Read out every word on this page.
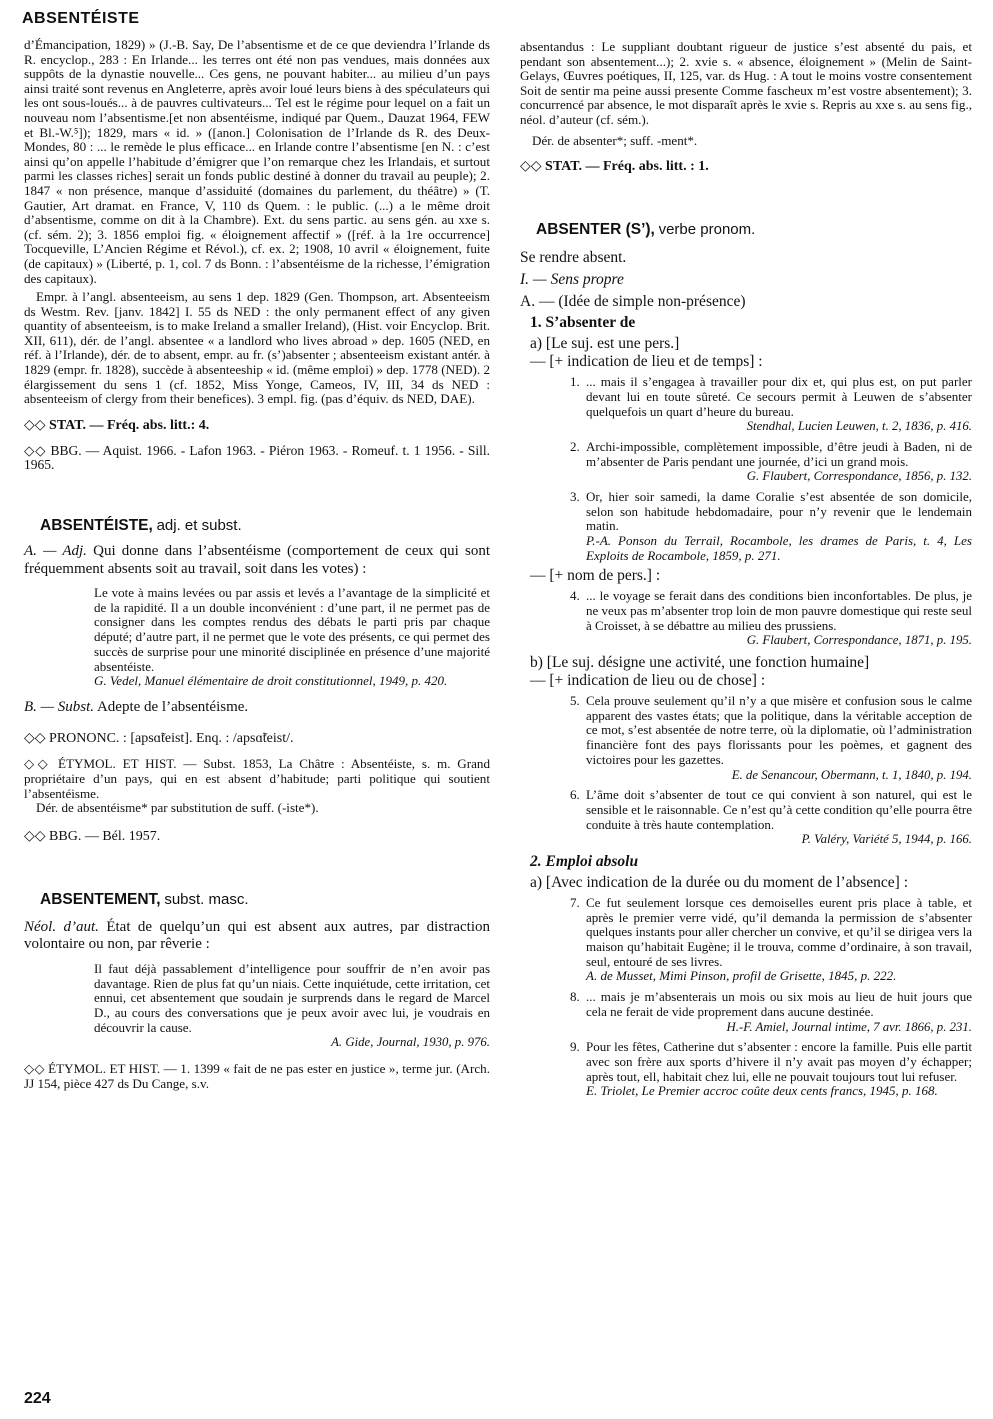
ABSENTÉISTE

d’Émancipation, 1829) » (J.-B. Say, De l’absentisme et de ce que deviendra l’Irlande ds R. encyclop., 283 : En Irlande... les terres ont été non pas vendues, mais données aux suppôts de la dynastie nouvelle... Ces gens, ne pouvant habiter... au milieu d’un pays ainsi traité sont revenus en Angleterre, après avoir loué leurs biens à des spéculateurs qui les ont sous-loués... à de pauvres cultivateurs... Tel est le régime pour lequel on a fait un nouveau nom l’absentisme.[et non absentéisme, indiqué par Quem., Dauzat 1964, FEW et Bl.-W.⁵]); 1829, mars « id. » ([anon.] Colonisation de l’Irlande ds R. des Deux-Mondes, 80 : ... le remède le plus efficace... en Irlande contre l’absentisme [en N. : c’est ainsi qu’on appelle l’habitude d’émigrer que l’on remarque chez les Irlandais, et surtout parmi les classes riches] serait un fonds public destiné à donner du travail au peuple); 2. 1847 « non présence, manque d’assiduité (domaines du parlement, du théâtre) » (T. Gautier, Art dramat. en France, V, 110 ds Quem. : le public. (...) a le même droit d’absentisme, comme on dit à la Chambre). Ext. du sens partic. au sens gén. au xxe s. (cf. sém. 2); 3. 1856 emploi fig. « éloignement affectif » ([réf. à la 1re occurrence] Tocqueville, L’Ancien Régime et Révol.), cf. ex. 2; 1908, 10 avril « éloignement, fuite (de capitaux) » (Liberté, p. 1, col. 7 ds Bonn. : l’absentéisme de la richesse, l’émigration des capitaux).

Empr. à l’angl. absenteeism, au sens 1 dep. 1829 (Gen. Thompson, art. Absenteeism ds Westm. Rev. [janv. 1842] I. 55 ds NED : the only permanent effect of any given quantity of absenteeism, is to make Ireland a smaller Ireland), (Hist. voir Encyclop. Brit. XII, 611), dér. de l’angl. absentee « a landlord who lives abroad » dep. 1605 (NED, en réf. à l’Irlande), dér. de to absent, empr. au fr. (s’)absenter ; absenteeism existant antér. à 1829 (empr. fr. 1828), succède à absenteeship « id. (même emploi) » dep. 1778 (NED). 2 élargissement du sens 1 (cf. 1852, Miss Yonge, Cameos, IV, III, 34 ds NED : absenteeism of clergy from their benefices). 3 empl. fig. (pas d’équiv. ds NED, DAE).

◇◇ STAT. — Fréq. abs. litt.: 4.

◇◇ BBG. — Aquist. 1966. - Lafon 1963. - Piéron 1963. - Romeuf. t. 1 1956. - Sill. 1965.

ABSENTÉISTE, adj. et subst.

A. — Adj. Qui donne dans l’absentéisme (comportement de ceux qui sont fréquemment absents soit au travail, soit dans les votes) :

Le vote à mains levées ou par assis et levés a l’avantage de la simplicité et de la rapidité. Il a un double inconvénient : d’une part, il ne permet pas de consigner dans les comptes rendus des débats le parti pris par chaque député; d’autre part, il ne permet que le vote des présents, ce qui permet des succès de surprise pour une minorité disciplinée en présence d’une majorité absentéiste.

G. Vedel, Manuel élémentaire de droit constitutionnel, 1949, p. 420.

B. — Subst. Adepte de l’absentéisme.

◇◇ PRONONC. : [apsɑ̃teist]. Enq. : /apsɑ̃teist/.

◇◇ ÉTYMOL. ET HIST. — Subst. 1853, La Châtre : Absentéiste, s. m. Grand propriétaire d’un pays, qui en est absent d’habitude; parti politique qui soutient l’absentéisme.

Dér. de absentéisme* par substitution de suff. (-iste*).

◇◇ BBG. — Bél. 1957.

ABSENTEMENT, subst. masc.

Néol. d’aut. État de quelqu’un qui est absent aux autres, par distraction volontaire ou non, par rêverie :

Il faut déjà passablement d’intelligence pour souffrir de n’en avoir pas davantage. Rien de plus fat qu’un niais. Cette inquiétude, cette irritation, cet ennui, cet absentement que soudain je surprends dans le regard de Marcel D., au cours des conversations que je peux avoir avec lui, je voudrais en découvrir la cause.

A. Gide, Journal, 1930, p. 976.

◇◇ ÉTYMOL. ET HIST. — 1. 1399 « fait de ne pas ester en justice », terme jur. (Arch. JJ 154, pièce 427 ds Du Cange, s.v.

absentandus : Le suppliant doubtant rigueur de justice s’est absenté du pais, et pendant son absentement...); 2. xvie s. « absence, éloignement » (Melin de Saint-Gelays, Œuvres poétiques, II, 125, var. ds Hug. : A tout le moins vostre consentement Soit de sentir ma peine aussi presente Comme fascheux m’est vostre absentement); 3. concurrencé par absence, le mot disparaît après le xvie s. Repris au xxe s. au sens fig., néol. d’auteur (cf. sém.).

Dér. de absenter*; suff. -ment*.

◇◇ STAT. — Fréq. abs. litt. : 1.

ABSENTER (S’), verbe pronom.

Se rendre absent.

I. — Sens propre

A. — (Idée de simple non-présence)

1. S’absenter de

a) [Le suj. est une pers.]

— [+ indication de lieu et de temps] :

1. ... mais il s’engagea à travailler pour dix et, qui plus est, on put parler devant lui en toute sûreté. Ce secours permit à Leuwen de s’absenter quelquefois un quart d’heure du bureau.

Stendhal, Lucien Leuwen, t. 2, 1836, p. 416.

2. Archi-impossible, complètement impossible, d’être jeudi à Baden, ni de m’absenter de Paris pendant une journée, d’ici un grand mois.

G. Flaubert, Correspondance, 1856, p. 132.

3. Or, hier soir samedi, la dame Coralie s’est absentée de son domicile, selon son habitude hebdomadaire, pour n’y revenir que le lendemain matin.

P.-A. Ponson du Terrail, Rocambole, les drames de Paris, t. 4, Les Exploits de Rocambole, 1859, p. 271.

— [+ nom de pers.] :

4. ... le voyage se ferait dans des conditions bien inconfortables. De plus, je ne veux pas m’absenter trop loin de mon pauvre domestique qui reste seul à Croisset, à se débattre au milieu des prussiens.

G. Flaubert, Correspondance, 1871, p. 195.

b) [Le suj. désigne une activité, une fonction humaine]

— [+ indication de lieu ou de chose] :

5. Cela prouve seulement qu’il n’y a que misère et confusion sous le calme apparent des vastes états; que la politique, dans la véritable acception de ce mot, s’est absentée de notre terre, où la diplomatie, où l’administration financière font des pays florissants pour les poèmes, et gagnent des victoires pour les gazettes.

E. de Senancour, Obermann, t. 1, 1840, p. 194.

6. L’âme doit s’absenter de tout ce qui convient à son naturel, qui est le sensible et le raisonnable. Ce n’est qu’à cette condition qu’elle pourra être conduite à très haute contemplation.

P. Valéry, Variété 5, 1944, p. 166.

2. Emploi absolu

a) [Avec indication de la durée ou du moment de l’absence] :

7. Ce fut seulement lorsque ces demoiselles eurent pris place à table, et après le premier verre vidé, qu’il demanda la permission de s’absenter quelques instants pour aller chercher un convive, et qu’il se dirigea vers la maison qu’habitait Eugène; il le trouva, comme d’ordinaire, à son travail, seul, entouré de ses livres.

A. de Musset, Mimi Pinson, profil de Grisette, 1845, p. 222.

8. ... mais je m’absenterais un mois ou six mois au lieu de huit jours que cela ne ferait de vide proprement dans aucune destinée.

H.-F. Amiel, Journal intime, 7 avr. 1866, p. 231.

9. Pour les fêtes, Catherine dut s’absenter : encore la famille. Puis elle partit avec son frère aux sports d’hivere il n’y avait pas moyen d’y échapper; après tout, ell, habitait chez lui, elle ne pouvait toujours tout lui refuser.

E. Triolet, Le Premier accroc coûte deux cents francs, 1945, p. 168.

224
